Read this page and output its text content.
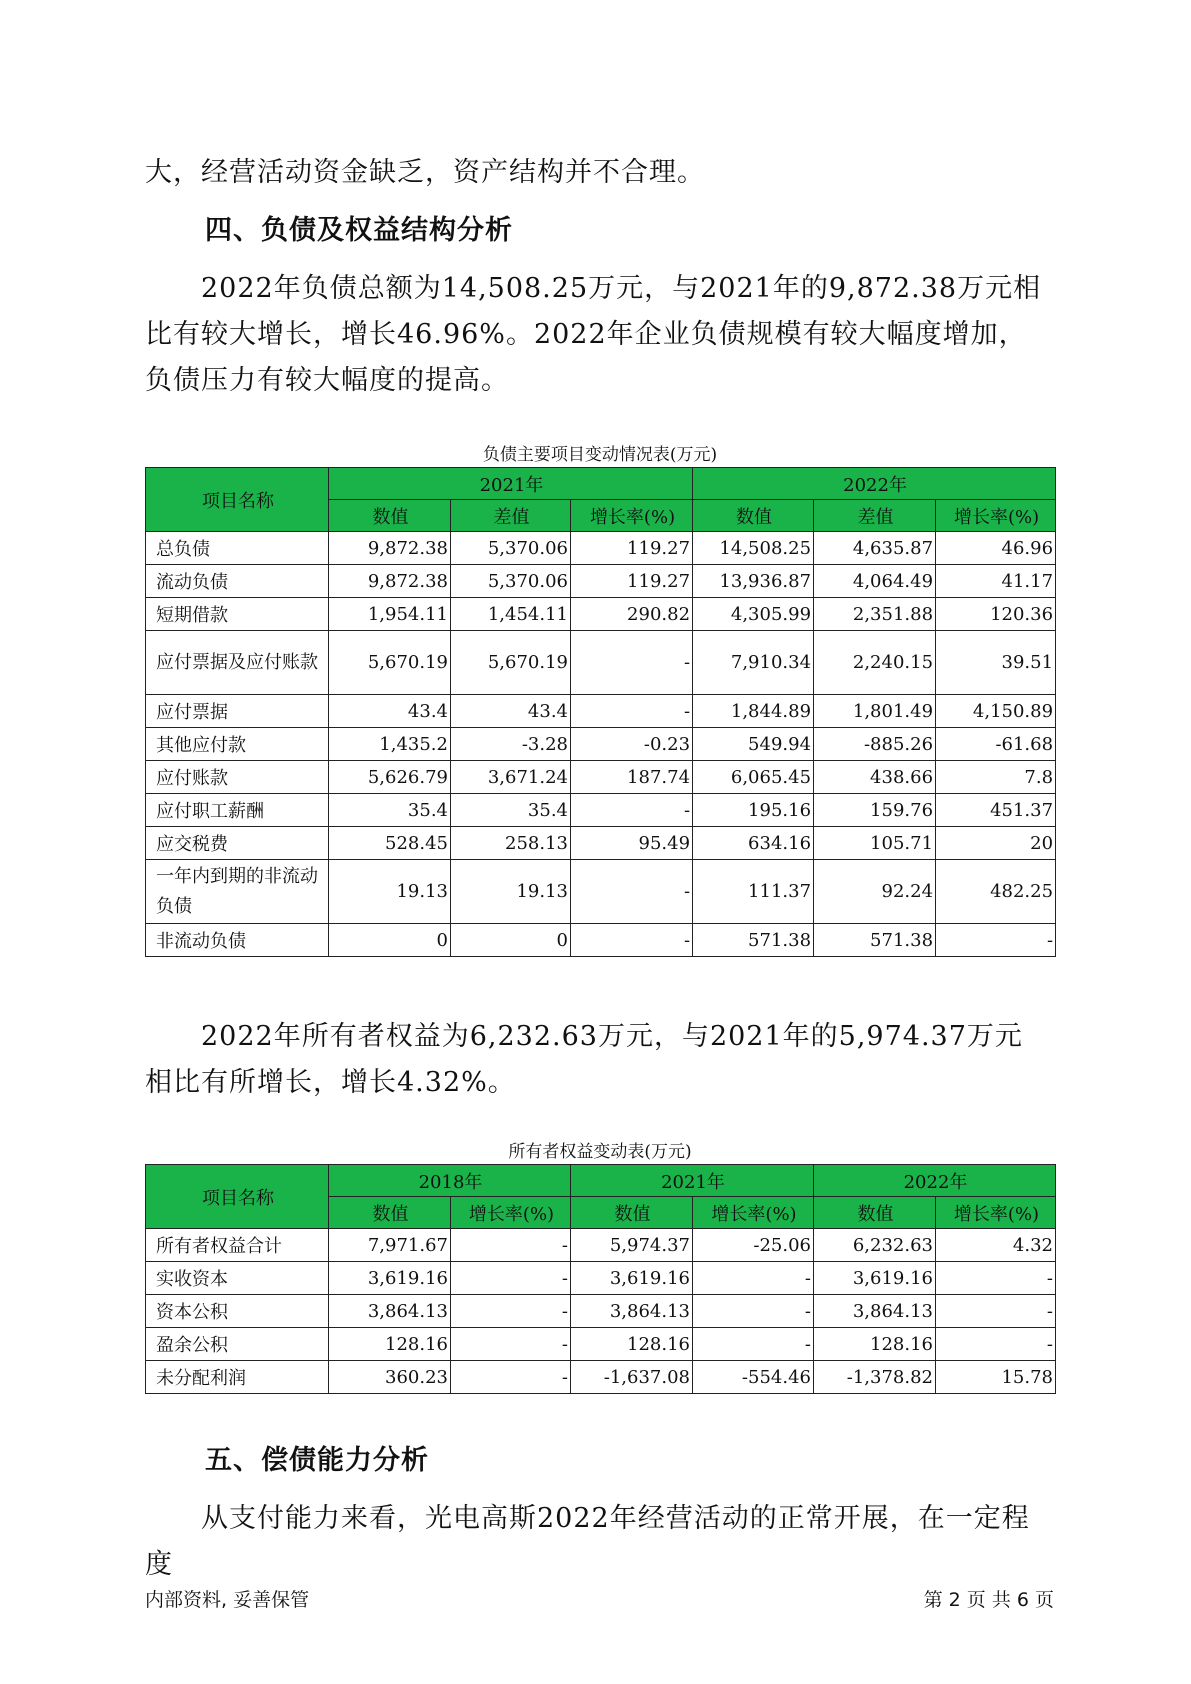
大，经营活动资金缺乏，资产结构并不合理。

四、负债及权益结构分析

2022年负债总额为14,508.25万元，与2021年的9,872.38万元相比有较大增长，增长46.96%。2022年企业负债规模有较大幅度增加，负债压力有较大幅度的提高。

负债主要项目变动情况表(万元)

项目名称	2021年			2022年		
	数值	差值	增长率(%)	数值	差值	增长率(%)
总负债	9,872.38	5,370.06	119.27	14,508.25	4,635.87	46.96
流动负债	9,872.38	5,370.06	119.27	13,936.87	4,064.49	41.17
短期借款	1,954.11	1,454.11	290.82	4,305.99	2,351.88	120.36
应付票据及应付账款	5,670.19	5,670.19	-	7,910.34	2,240.15	39.51
应付票据	43.4	43.4	-	1,844.89	1,801.49	4,150.89
其他应付款	1,435.2	-3.28	-0.23	549.94	-885.26	-61.68
应付账款	5,626.79	3,671.24	187.74	6,065.45	438.66	7.8
应付职工薪酬	35.4	35.4	-	195.16	159.76	451.37
应交税费	528.45	258.13	95.49	634.16	105.71	20
一年内到期的非流动负债	19.13	19.13	-	111.37	92.24	482.25
非流动负债	0	0	-	571.38	571.38	-

2022年所有者权益为6,232.63万元，与2021年的5,974.37万元相比有所增长，增长4.32%。

所有者权益变动表(万元)

项目名称	2018年		2021年		2022年	
	数值	增长率(%)	数值	增长率(%)	数值	增长率(%)
所有者权益合计	7,971.67	-	5,974.37	-25.06	6,232.63	4.32
实收资本	3,619.16	-	3,619.16	-	3,619.16	-
资本公积	3,864.13	-	3,864.13	-	3,864.13	-
盈余公积	128.16	-	128.16	-	128.16	-
未分配利润	360.23	-	-1,637.08	-554.46	-1,378.82	15.78
五、偿债能力分析

从支付能力来看，光电高斯2022年经营活动的正常开展，在一定程度

内部资料, 妥善保管	第 2 页 共 6 页
